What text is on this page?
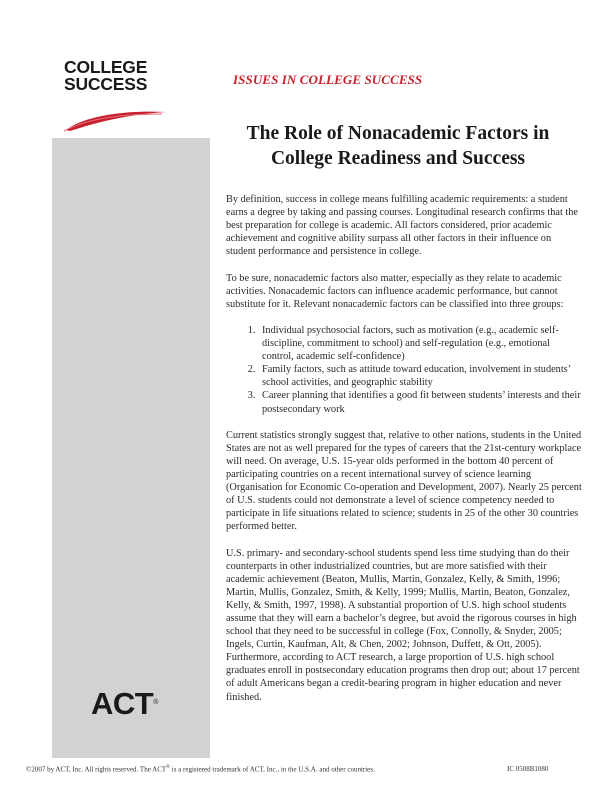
COLLEGE
SUCCESS
ACT®
ISSUES IN COLLEGE SUCCESS
The Role of Nonacademic Factors in
College Readiness and Success

By definition, success in college means fulfilling academic requirements: a student earns a degree by taking and passing courses. Longitudinal research confirms that the best preparation for college is academic. All factors considered, prior academic achievement and cognitive ability surpass all other factors in their influence on student performance and persistence in college.

To be sure, nonacademic factors also matter, especially as they relate to academic activities. Nonacademic factors can influence academic performance, but cannot substitute for it. Relevant nonacademic factors can be classified into three groups:

1. Individual psychosocial factors, such as motivation (e.g., academic self-discipline, commitment to school) and self-regulation (e.g., emotional control, academic self-confidence)
2. Family factors, such as attitude toward education, involvement in students’ school activities, and geographic stability
3. Career planning that identifies a good fit between students’ interests and their postsecondary work

Current statistics strongly suggest that, relative to other nations, students in the United States are not as well prepared for the types of careers that the 21st-century workplace will need. On average, U.S. 15-year olds performed in the bottom 40 percent of participating countries on a recent international survey of science learning (Organisation for Economic Co-operation and Development, 2007). Nearly 25 percent of U.S. students could not demonstrate a level of science competency needed to participate in life situations related to science; students in 25 of the other 30 countries performed better.

U.S. primary- and secondary-school students spend less time studying than do their counterparts in other industrialized countries, but are more satisfied with their academic achievement (Beaton, Mullis, Martin, Gonzalez, Kelly, & Smith, 1996; Martin, Mullis, Gonzalez, Smith, & Kelly, 1999; Mullis, Martin, Beaton, Gonzalez, Kelly, & Smith, 1997, 1998). A substantial proportion of U.S. high school students assume that they will earn a bachelor’s degree, but avoid the rigorous courses in high school that they need to be successful in college (Fox, Connolly, & Snyder, 2005; Ingels, Curtin, Kaufman, Alt, & Chen, 2002; Johnson, Duffett, & Ott, 2005). Furthermore, according to ACT research, a large proportion of U.S. high school graduates enroll in postsecondary education programs then drop out; about 17 percent of adult Americans began a credit-bearing program in higher education and never finished.

©2007 by ACT, Inc. All rights reserved. The ACT® is a registered trademark of ACT, Inc., in the U.S.A. and other countries.	IC 0508B1080
